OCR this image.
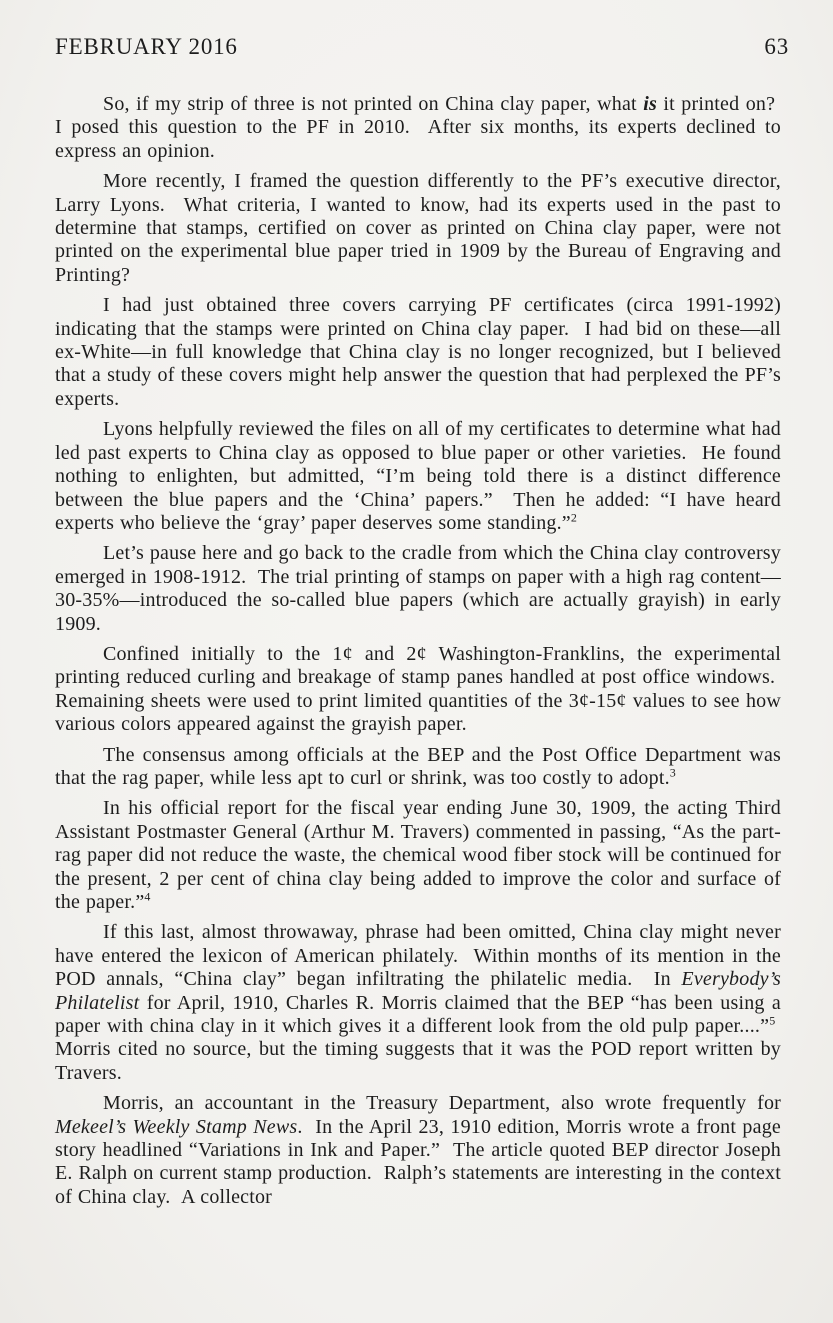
FEBRUARY 2016	63

So, if my strip of three is not printed on China clay paper, what is it printed on?  I posed this question to the PF in 2010.  After six months, its experts declined to express an opinion.

More recently, I framed the question differently to the PF’s executive director, Larry Lyons.  What criteria, I wanted to know, had its experts used in the past to determine that stamps, certified on cover as printed on China clay paper, were not printed on the experimental blue paper tried in 1909 by the Bureau of Engraving and Printing?

I had just obtained three covers carrying PF certificates (circa 1991-1992) indicating that the stamps were printed on China clay paper.  I had bid on these—all ex-White—in full knowledge that China clay is no longer recognized, but I believed that a study of these covers might help answer the question that had perplexed the PF’s experts.

Lyons helpfully reviewed the files on all of my certificates to determine what had led past experts to China clay as opposed to blue paper or other varieties.  He found nothing to enlighten, but admitted, “I’m being told there is a distinct difference between the blue papers and the ‘China’ papers.”  Then he added: “I have heard experts who believe the ‘gray’ paper deserves some standing.”$^2$

Let’s pause here and go back to the cradle from which the China clay controversy emerged in 1908-1912.  The trial printing of stamps on paper with a high rag content—30-35%—introduced the so-called blue papers (which are actually grayish) in early 1909.

Confined initially to the 1¢ and 2¢ Washington-Franklins, the experimental printing reduced curling and breakage of stamp panes handled at post office windows.  Remaining sheets were used to print limited quantities of the 3¢-15¢ values to see how various colors appeared against the grayish paper.

The consensus among officials at the BEP and the Post Office Department was that the rag paper, while less apt to curl or shrink, was too costly to adopt.$^3$

In his official report for the fiscal year ending June 30, 1909, the acting Third Assistant Postmaster General (Arthur M. Travers) commented in passing, “As the part-rag paper did not reduce the waste, the chemical wood fiber stock will be continued for the present, 2 per cent of china clay being added to improve the color and surface of the paper.”$^4$

If this last, almost throwaway, phrase had been omitted, China clay might never have entered the lexicon of American philately.  Within months of its mention in the POD annals, “China clay” began infiltrating the philatelic media.  In Everybody’s Philatelist for April, 1910, Charles R. Morris claimed that the BEP “has been using a paper with china clay in it which gives it a different look from the old pulp paper....”$^5$  Morris cited no source, but the timing suggests that it was the POD report written by Travers.

Morris, an accountant in the Treasury Department, also wrote frequently for Mekeel’s Weekly Stamp News.  In the April 23, 1910 edition, Morris wrote a front page story headlined “Variations in Ink and Paper.”  The article quoted BEP director Joseph E. Ralph on current stamp production.  Ralph’s statements are interesting in the context of China clay.  A collector
